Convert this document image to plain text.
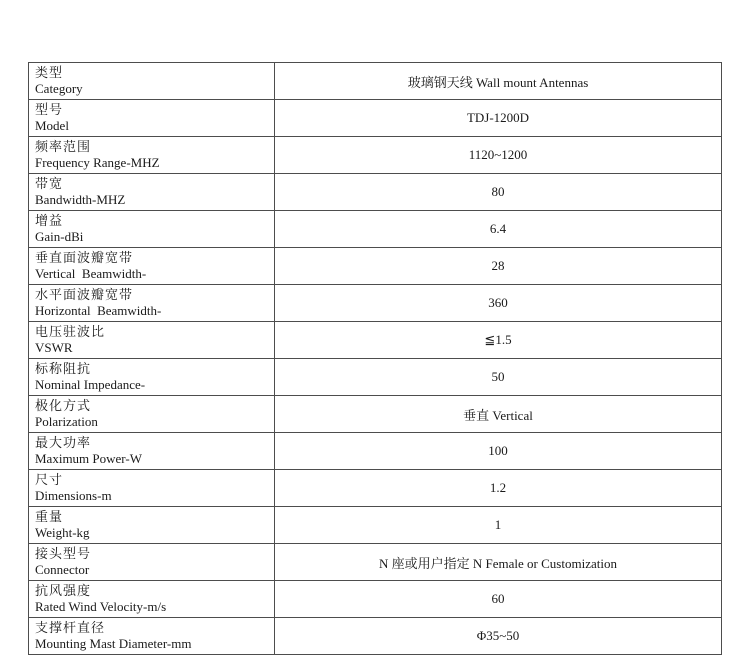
类型
Category	玻璃钢天线 Wall mount Antennas

型号
Model	TDJ-1200D

频率范围
Frequency Range-MHZ	1120~1200

带宽
Bandwidth-MHZ	80

增益
Gain-dBi	6.4

垂直面波瓣宽带
Vertical  Beamwidth-	28

水平面波瓣宽带
Horizontal  Beamwidth-	360

电压驻波比
VSWR	≦1.5

标称阻抗
Nominal Impedance-	50

极化方式
Polarization	垂直 Vertical

最大功率
Maximum Power-W	100

尺寸
Dimensions-m	1.2

重量
Weight-kg	1

接头型号
Connector	N 座或用户指定 N Female or Customization

抗风强度
Rated Wind Velocity-m/s	60

支撑杆直径
Mounting Mast Diameter-mm	Φ35~50
